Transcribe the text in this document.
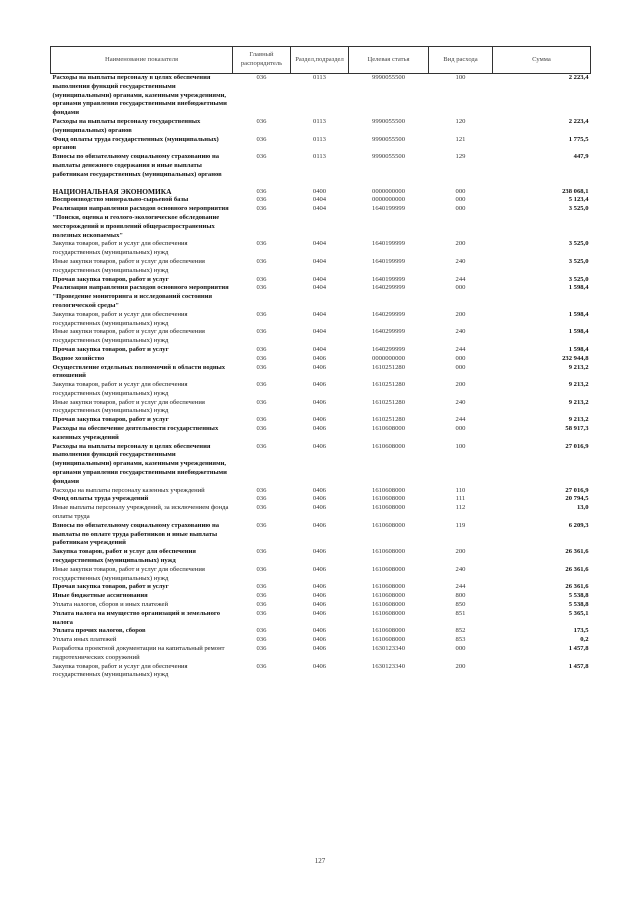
Наименование показателя	Главный распорядитель	Раздел,подраздел	Целевая статья	Вид расхода	Сумма
Расходы на выплаты персоналу в целях обеспечения выполнения функций государственными (муниципальными) органами, казенными учреждениями, органами управления государственными внебюджетными фондами	036	0113	9990055500	100	2 223,4
Расходы на выплаты персоналу государственных (муниципальных) органов	036	0113	9990055500	120	2 223,4
Фонд оплаты труда государственных (муниципальных) органов	036	0113	9990055500	121	1 775,5
Взносы по обязательному социальному страхованию на выплаты денежного содержания и иные выплаты работникам государственных (муниципальных) органов	036	0113	9990055500	129	447,9
НАЦИОНАЛЬНАЯ ЭКОНОМИКА	036	0400	0000000000	000	238 068,1
Воспроизводство минерально-сырьевой базы	036	0404	0000000000	000	5 123,4
Реализация направления расходов основного мероприятия "Поиски, оценка и геолого-экологическое обследование месторождений и проявлений общераспространенных полезных ископаемых"	036	0404	1640199999	000	3 525,0
Закупка товаров, работ и услуг для обеспечения государственных (муниципальных) нужд	036	0404	1640199999	200	3 525,0
Иные закупки товаров, работ и услуг для обеспечения государственных (муниципальных) нужд	036	0404	1640199999	240	3 525,0
Прочая закупка товаров, работ и услуг	036	0404	1640199999	244	3 525,0
Реализация направления расходов основного мероприятия "Проведение мониторинга и исследований состояния геологической среды"	036	0404	1640299999	000	1 598,4
Закупка товаров, работ и услуг для обеспечения государственных (муниципальных) нужд	036	0404	1640299999	200	1 598,4
Иные закупки товаров, работ и услуг для обеспечения государственных (муниципальных) нужд	036	0404	1640299999	240	1 598,4
Прочая закупка товаров, работ и услуг	036	0404	1640299999	244	1 598,4
Водное хозяйство	036	0406	0000000000	000	232 944,8
Осуществление отдельных полномочий в области водных отношений	036	0406	1610251280	000	9 213,2
Закупка товаров, работ и услуг для обеспечения государственных (муниципальных) нужд	036	0406	1610251280	200	9 213,2
Иные закупки товаров, работ и услуг для обеспечения государственных (муниципальных) нужд	036	0406	1610251280	240	9 213,2
Прочая закупка товаров, работ и услуг	036	0406	1610251280	244	9 213,2
Расходы на обеспечение деятельности государственных казенных учреждений	036	0406	1610608000	000	58 917,3
Расходы на выплаты персоналу в целях обеспечения выполнения функций государственными (муниципальными) органами, казенными учреждениями, органами управления государственными внебюджетными фондами	036	0406	1610608000	100	27 016,9
Расходы на выплаты персоналу казенных учреждений	036	0406	1610608000	110	27 016,9
Фонд оплаты труда учреждений	036	0406	1610608000	111	20 794,5
Иные выплаты персоналу учреждений, за исключением фонда оплаты труда	036	0406	1610608000	112	13,0
Взносы по обязательному социальному страхованию на выплаты по оплате труда работников и иные выплаты работникам учреждений	036	0406	1610608000	119	6 209,3
Закупка товаров, работ и услуг для обеспечения государственных (муниципальных) нужд	036	0406	1610608000	200	26 361,6
Иные закупки товаров, работ и услуг для обеспечения государственных (муниципальных) нужд	036	0406	1610608000	240	26 361,6
Прочая закупка товаров, работ и услуг	036	0406	1610608000	244	26 361,6
Иные бюджетные ассигнования	036	0406	1610608000	800	5 538,8
Уплата налогов, сборов и иных платежей	036	0406	1610608000	850	5 538,8
Уплата налога на имущество организаций и земельного налога	036	0406	1610608000	851	5 365,1
Уплата прочих налогов, сборов	036	0406	1610608000	852	173,5
Уплата иных платежей	036	0406	1610608000	853	0,2
Разработка проектной документации на капитальный ремонт гидротехнических сооружений	036	0406	1630123340	000	1 457,8
Закупка товаров, работ и услуг для обеспечения государственных (муниципальных) нужд	036	0406	1630123340	200	1 457,8
127
